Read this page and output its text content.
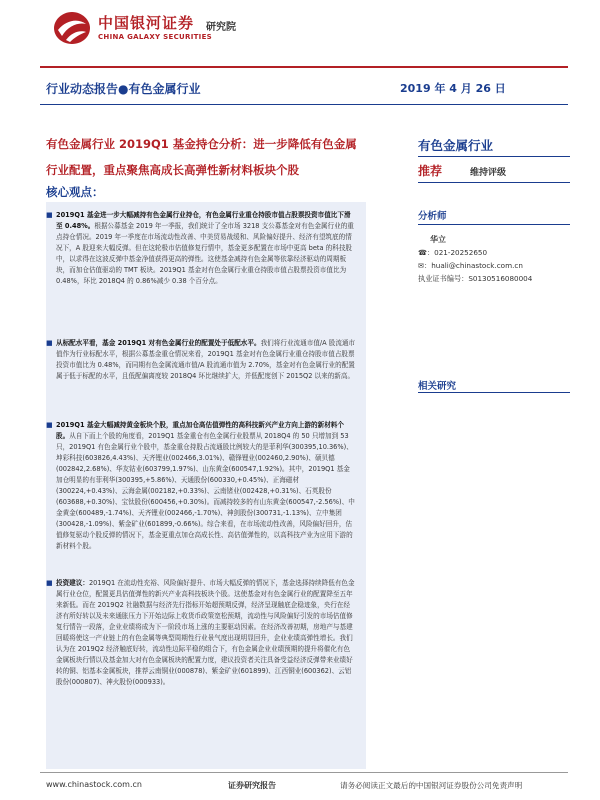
中国银河证券
CHINA GALAXY SECURITIES
研究院
行业动态报告●有色金属行业	2019 年 4 月 26 日
有色金属行业 2019Q1 基金持仓分析：进一步降低有色金属
行业配置，重点聚焦高成长高弹性新材料板块个股
核心观点：
有色金属行业
推荐	维持评级
分析师
华立
☎：021-20252650
✉：huali@chinastock.com.cn
执业证书编号：S0130516080004
相关研究
■ 2019Q1 基金进一步大幅减持有色金属行业持仓，有色金属行业重仓持股市值占股票投资市值比下滑至 0.48%。根据公募基金 2019 年一季报，我们统计了全市场 3218 支公募基金对有色金属行业的重点持仓情况。2019 年一季度在市场流动性改善、中美贸易战缓和、风险偏好提升、经济有望筑底的情况下，A 股迎来大幅反弹。但在这轮极市估值修复行情中，基金更多配置在市场中更高 beta 的科技股中，以求得在这波反弹中基金净值获得更高的弹性。这使基金减持有色金属等依靠经济驱动的周期板块，而加仓估值驱动的 TMT 板块。2019Q1 基金对有色金属行业重仓持股市值占股票投资市值比为 0.48%，环比 2018Q4 的 0.86%减少 0.38 个百分点。
■ 从标配水平看，基金 2019Q1 对有色金属行业的配置处于低配水平。我们将行业流通市值/A 股流通市值作为行业标配水平，根据公募基金重仓情况来看，2019Q1 基金对有色金属行业重仓持股市值占股票投资市值比为 0.48%，而同期有色金属流通市值/A 股流通市值为 2.70%，基金对有色金属行业的配置属于低于标配的水平，且低配偏离度较 2018Q4 环比继续扩大，并低配度创下 2015Q2 以来的新高。
■ 2019Q1 基金大幅减持黄金板块个股，重点加仓高估值弹性的高科技新兴产业方向上游的新材料个股。从自下而上个股的角度看，2019Q1 基金重仓有色金属行业股票从 2018Q4 的 50 只增加到 53 只，2019Q1 有色金属行业个股中，基金重仓持股占流通股比例较大的是菲利华(300395,10.36%)、坤彩科技(603826,4.43%)、天齐锂业(002466,3.01%)、赣锋锂业(002460,2.90%)、硕贝德(002842,2.68%)、华友钴业(603799,1.97%)、山东黄金(600547,1.92%)。其中，2019Q1 基金加仓明显的有菲利华(300395,+5.86%)、天通股份(600330,+0.45%)、正海磁材(300224,+0.43%)、云海金属(002182,+0.33%)、云南锗业(002428,+0.31%)、石英股份(603688,+0.30%)、宝钛股份(600456,+0.30%)。而减持较多的有山东黄金(600547,-2.56%)、中金黄金(600489,-1.74%)、天齐锂业(002466,-1.70%)、神剑股份(300731,-1.13%)、立中集团(300428,-1.09%)、紫金矿业(601899,-0.66%)。综合来看，在市场流动性改善，风险偏好回升，估值修复驱动个股反弹的情况下，基金更重点加仓高成长性、高估值弹性的，以高科技产业为应用下游的新材料个股。
■ 投资建议：2019Q1 在流动性充裕、风险偏好提升、市场大幅反弹的情况下，基金选择持续降低有色金属行业仓位，配置更具估值弹性的新兴产业高科技板块个股。这使基金对有色金属行业的配置降至五年来新低。而在 2019Q2 社融数据与经济先行指标开始超预期反弹，经济呈现触底企稳迹象，央行在经济有所好转以及未来通胀压力下开始边际上收货币政策宽松预期，流动性与风险偏好引发的市场估值修复行情告一段落，企业业绩将成为下一阶段市场上涨的主要驱动因素。在经济改善初期，房地产与基建回暖将使这一产业链上的有色金属等典型周期性行业景气度出现明显回升，企业业绩高弹性增长。我们认为在 2019Q2 经济触底好转，流动性边际平稳的组合下，有色金属企业业绩预期的提升将催化有色金属板块行情以及基金加大对有色金属板块的配置力度，建议投资者关注具备受益经济反弹带来业绩好转的铜、铝基本金属板块，推荐云南铜业(000878)、紫金矿业(601899)、江西铜业(600362)、云铝股份(000807)、神火股份(000933)。
www.chinastock.com.cn	证券研究报告	请务必阅读正文最后的中国银河证券股份公司免责声明
